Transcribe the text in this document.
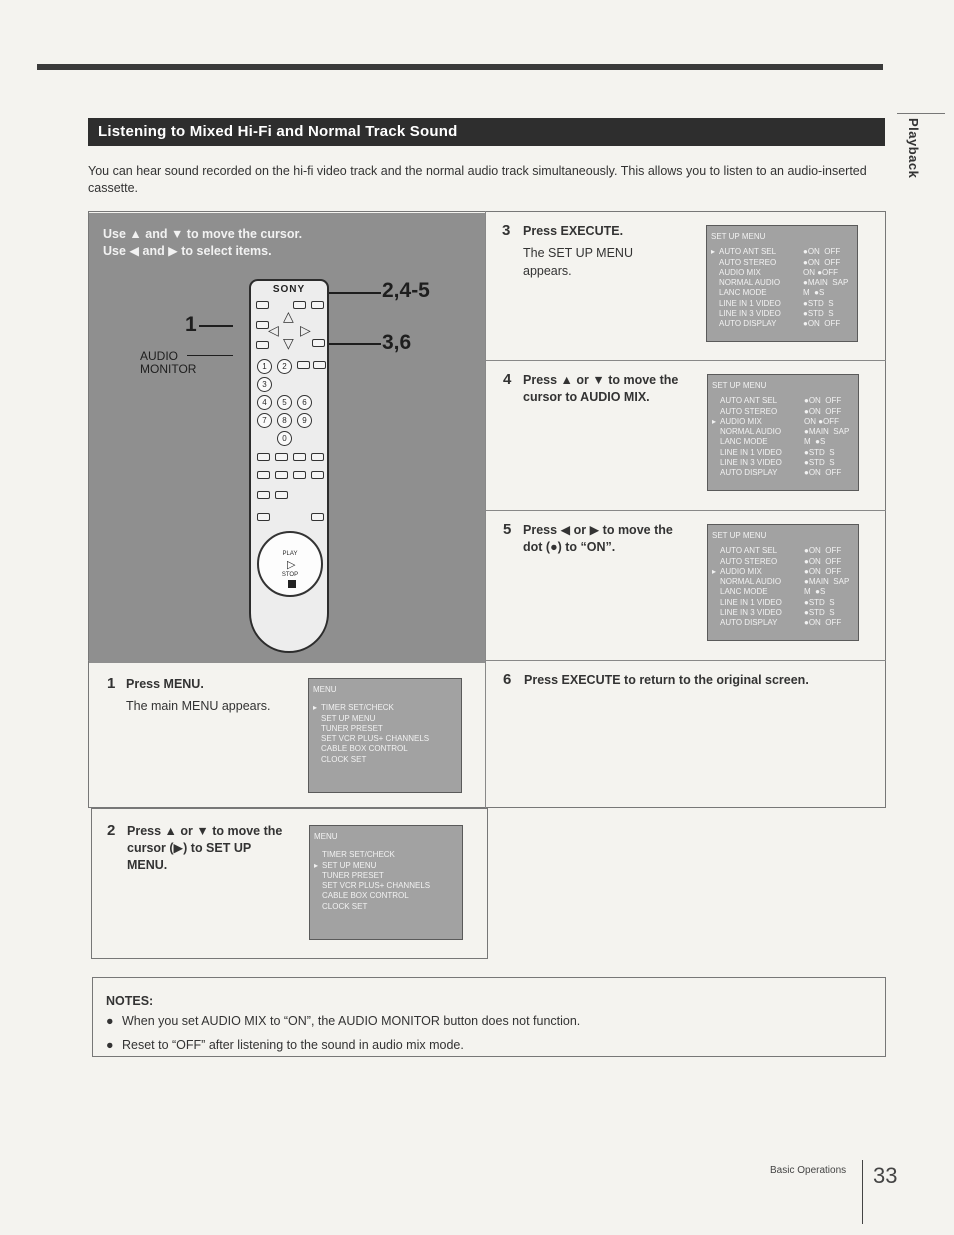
Playback
Listening to Mixed Hi-Fi and Normal Track Sound
You can hear sound recorded on the hi-fi video track and the normal audio track simultaneously. This allows you to listen to an audio-inserted cassette.
Use ▲ and ▼ to move the cursor.
Use ◀ and ▶ to select items.
2,4-5
3,6
1
AUDIO
MONITOR
SONY
△
◁ ▷
▽
1	2
3
4	5	6
7	8	9
0
PLAY
▷
STOP
3 Press EXECUTE.
The SET UP MENU
appears.
SET UP MENU
▸ AUTO ANT SEL	●ON  OFF
AUTO STEREO	●ON  OFF
AUDIO MIX	ON ●OFF
NORMAL AUDIO	●MAIN  SAP
LANC MODE	M  ●S
LINE IN 1 VIDEO	●STD  S
LINE IN 3 VIDEO	●STD  S
AUTO DISPLAY	●ON  OFF
4 Press ▲ or ▼ to move the
cursor to AUDIO MIX.
SET UP MENU
AUTO ANT SEL	●ON  OFF
AUTO STEREO	●ON  OFF
▸ AUDIO MIX	ON ●OFF
NORMAL AUDIO	●MAIN  SAP
LANC MODE	M  ●S
LINE IN 1 VIDEO	●STD  S
LINE IN 3 VIDEO	●STD  S
AUTO DISPLAY	●ON  OFF
5 Press ◀ or ▶ to move the
dot (●) to “ON”.
SET UP MENU
AUTO ANT SEL	●ON  OFF
AUTO STEREO	●ON  OFF
▸ AUDIO MIX	●ON  OFF
NORMAL AUDIO	●MAIN  SAP
LANC MODE	M  ●S
LINE IN 1 VIDEO	●STD  S
LINE IN 3 VIDEO	●STD  S
AUTO DISPLAY	●ON  OFF
1 Press MENU.
The main MENU appears.
MENU
▸ TIMER SET/CHECK
SET UP MENU
TUNER PRESET
SET VCR PLUS+ CHANNELS
CABLE BOX CONTROL
CLOCK SET
6 Press EXECUTE to return to the original screen.
2 Press ▲ or ▼ to move the
cursor (▶) to SET UP
MENU.
MENU
TIMER SET/CHECK
▸ SET UP MENU
TUNER PRESET
SET VCR PLUS+ CHANNELS
CABLE BOX CONTROL
CLOCK SET
NOTES:
● When you set AUDIO MIX to “ON”, the AUDIO MONITOR button does not function.
● Reset to “OFF” after listening to the sound in audio mix mode.
Basic Operations 33
